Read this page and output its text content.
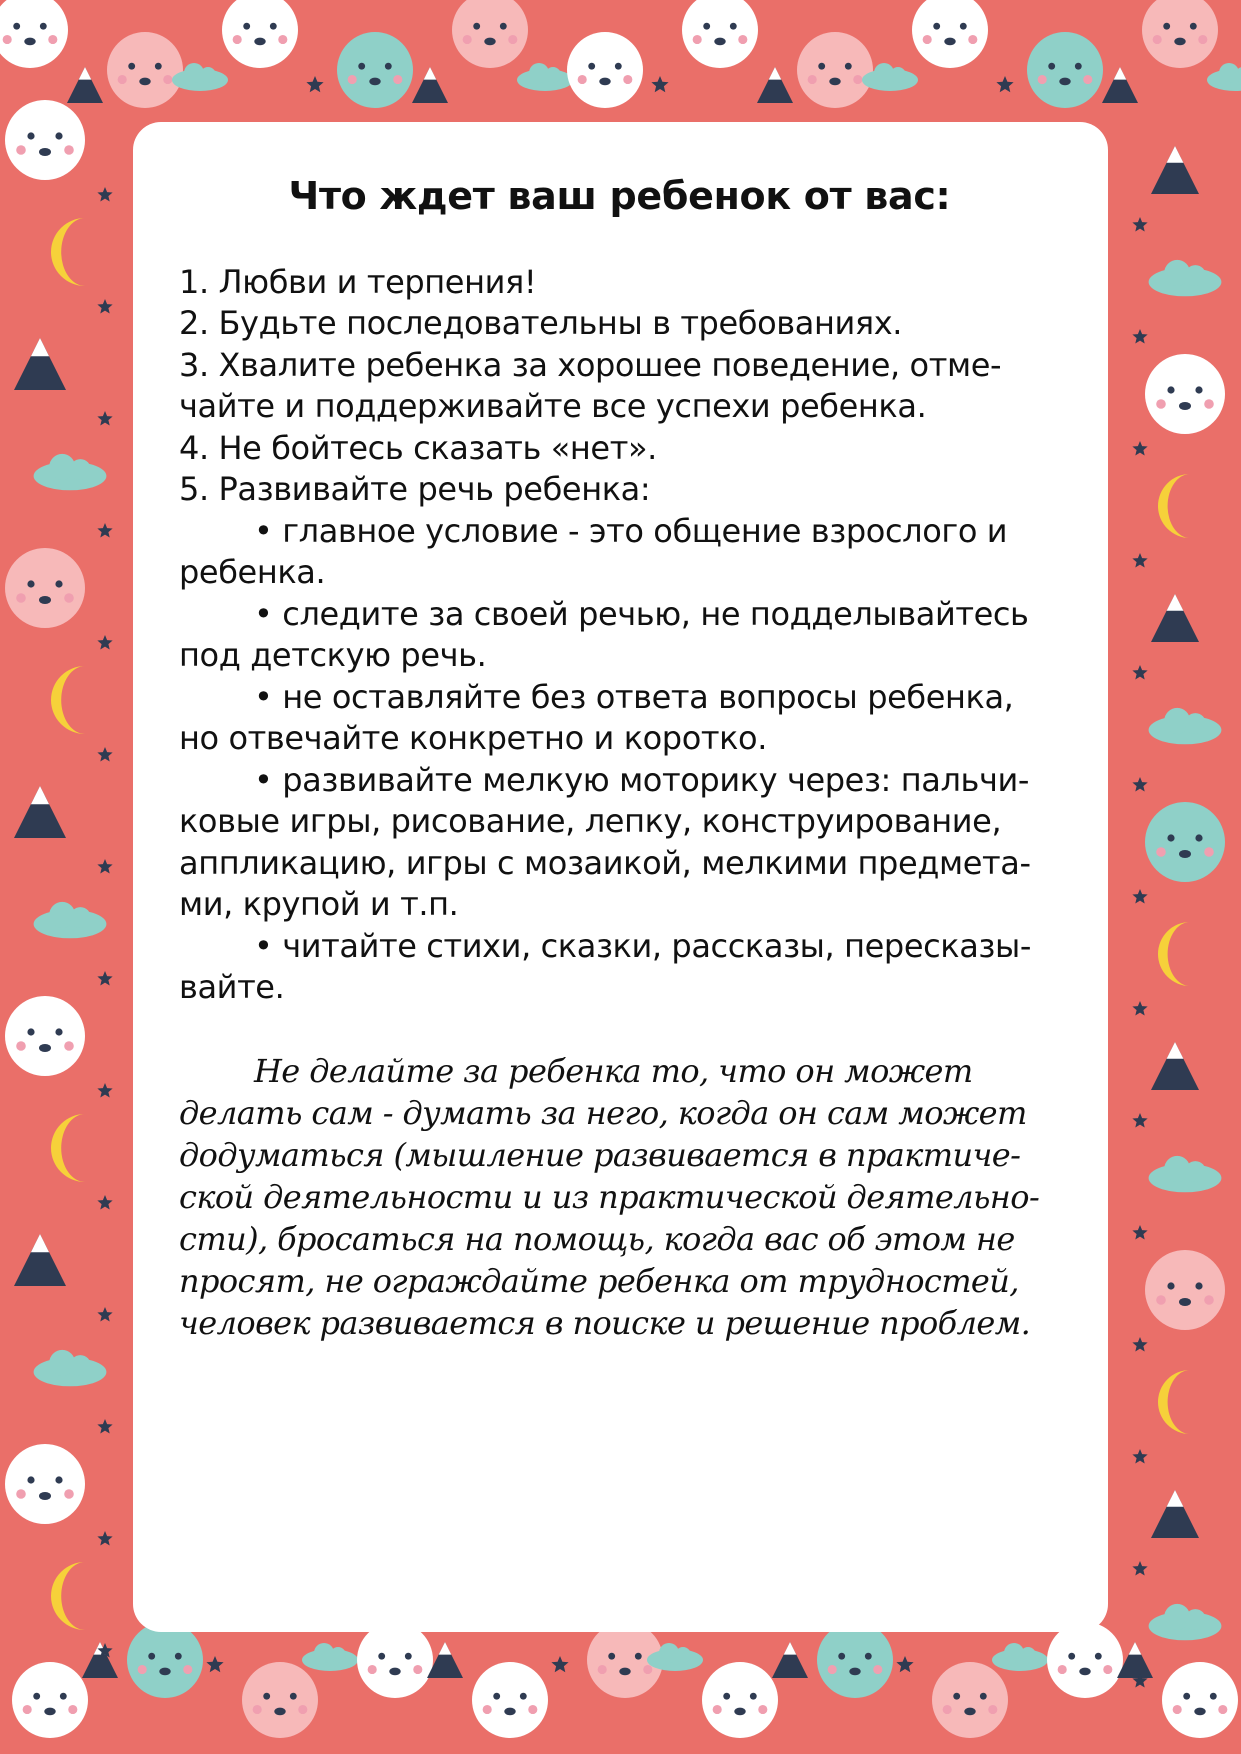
Что ждет ваш ребенок от вас:
1. Любви и терпения!
2. Будьте последовательны в требованиях.
3. Хвалите ребенка за хорошее поведение, отме-
чайте и поддерживайте все успехи ребенка.
4. Не бойтесь сказать «нет».
5. Развивайте речь ребенка:
• главное условие - это общение взрослого и
ребенка.
• следите за своей речью, не подделывайтесь
под детскую речь.
• не оставляйте без ответа вопросы ребенка,
но отвечайте конкретно и коротко.
• развивайте мелкую моторику через: пальчи-
ковые игры, рисование, лепку, конструирование,
аппликацию, игры с мозаикой, мелкими предмета-
ми, крупой и т.п.
• читайте стихи, сказки, рассказы, пересказы-
вайте.
Не делайте за ребенка то, что он может
делать сам - думать за него, когда он сам может
додуматься (мышление развивается в практиче-
ской деятельности и из практической деятельно-
сти), бросаться на помощь, когда вас об этом не
просят, не ограждайте ребенка от трудностей,
человек развивается в поиске и решение проблем.
